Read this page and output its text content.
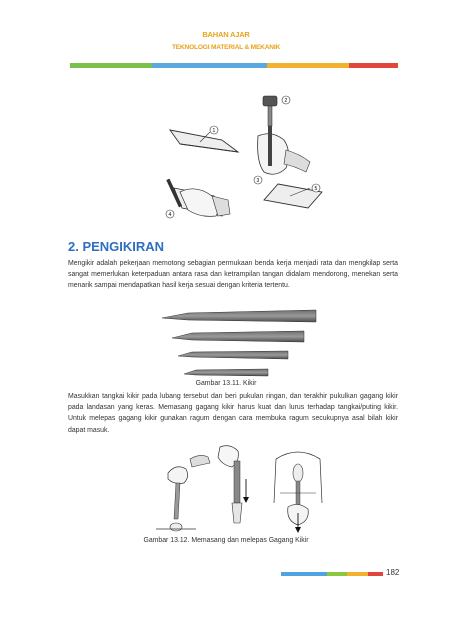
BAHAN AJAR
TEKNOLOGI MATERIAL & MEKANIK
1
2
5
4
3
2. PENGIKIRAN
Mengikir adalah pekerjaan memotong sebagian permukaan benda kerja menjadi rata dan mengkilap serta sangat memerlukan keterpaduan antara rasa dan ketrampilan tangan didalam mendorong, menekan serta menarik sampai mendapatkan hasil kerja sesuai dengan kriteria tertentu.
Gambar 13.11. Kikir
Masukkan tangkai kikir pada lubang tersebut dan beri pukulan ringan, dan terakhir pukulkan gagang kikir pada landasan yang keras. Memasang gagang kikir harus kuat dan lurus terhadap tangkai/puting kikir. Untuk melepas gagang kikir gunakan ragum dengan cara membuka ragum secukupnya asal bilah kikir dapat masuk.
Gambar 13.12. Memasang dan melepas Gagang Kikir
182
